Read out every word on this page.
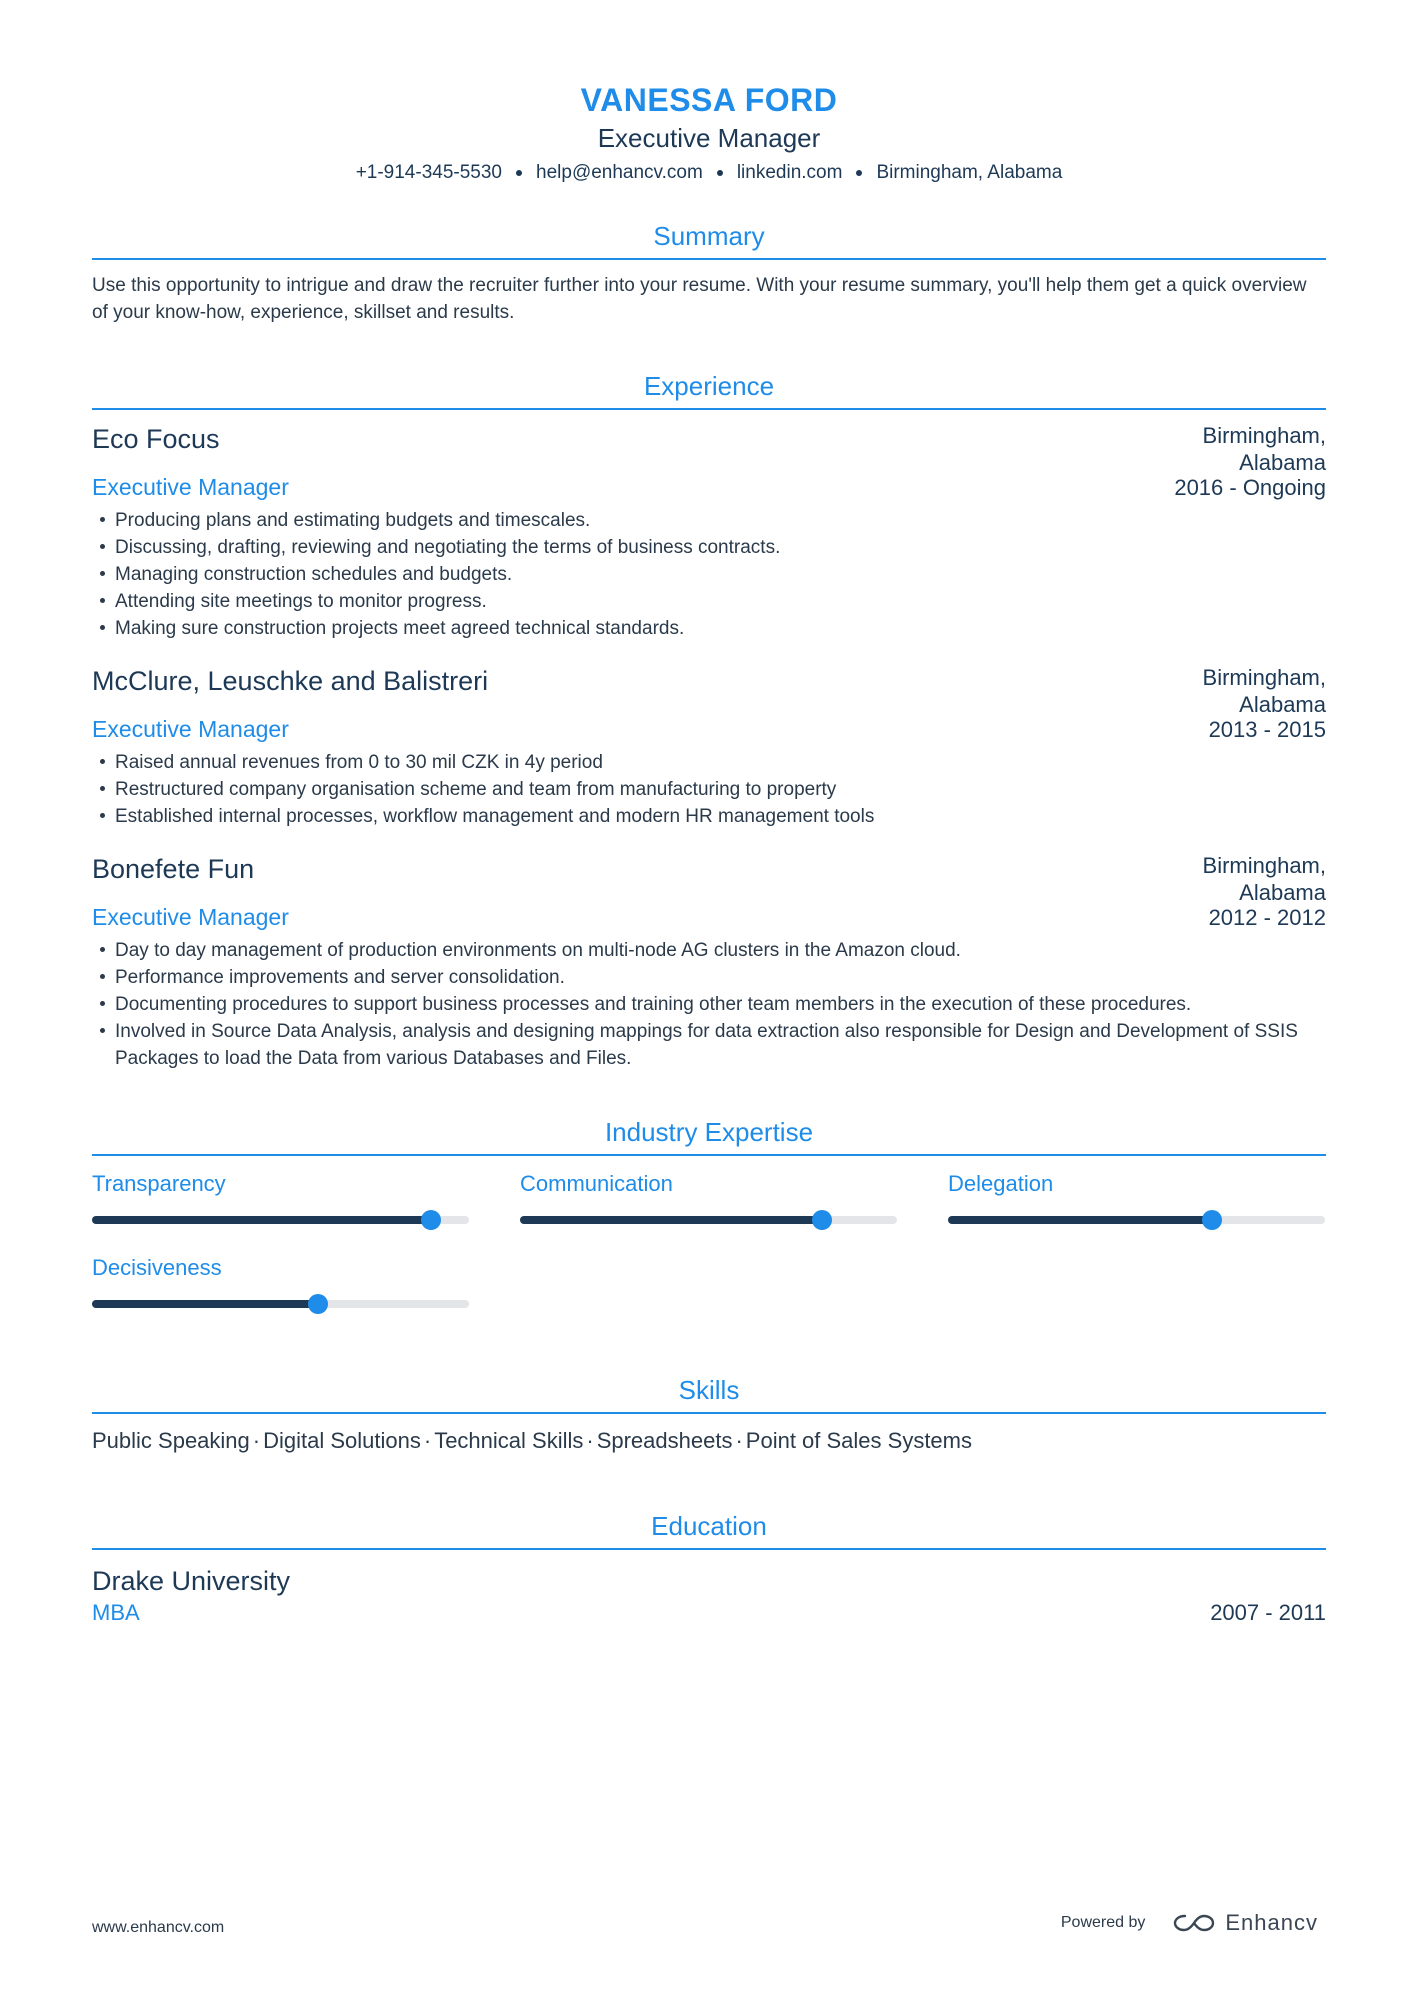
VANESSA FORD
Executive Manager
+1-914-345-5530 help@enhancv.com linkedin.com Birmingham, Alabama
Summary
Use this opportunity to intrigue and draw the recruiter further into your resume. With your resume summary, you'll help them get a quick overview of your know-how, experience, skillset and results.
Experience
Eco Focus	Birmingham,
Alabama
Executive Manager	2016 - Ongoing
Producing plans and estimating budgets and timescales.
Discussing, drafting, reviewing and negotiating the terms of business contracts.
Managing construction schedules and budgets.
Attending site meetings to monitor progress.
Making sure construction projects meet agreed technical standards.
McClure, Leuschke and Balistreri	Birmingham,
Alabama
Executive Manager	2013 - 2015
Raised annual revenues from 0 to 30 mil CZK in 4y period
Restructured company organisation scheme and team from manufacturing to property
Established internal processes, workflow management and modern HR management tools
Bonefete Fun	Birmingham,
Alabama
Executive Manager	2012 - 2012
Day to day management of production environments on multi-node AG clusters in the Amazon cloud.
Performance improvements and server consolidation.
Documenting procedures to support business processes and training other team members in the execution of these procedures.
Involved in Source Data Analysis, analysis and designing mappings for data extraction also responsible for Design and Development of SSIS Packages to load the Data from various Databases and Files.
Industry Expertise
Transparency	Communication	Delegation
Decisiveness
Skills
Public Speaking · Digital Solutions · Technical Skills · Spreadsheets · Point of Sales Systems
Education
Drake University
MBA	2007 - 2011
www.enhancv.com	Powered by	Enhancv
